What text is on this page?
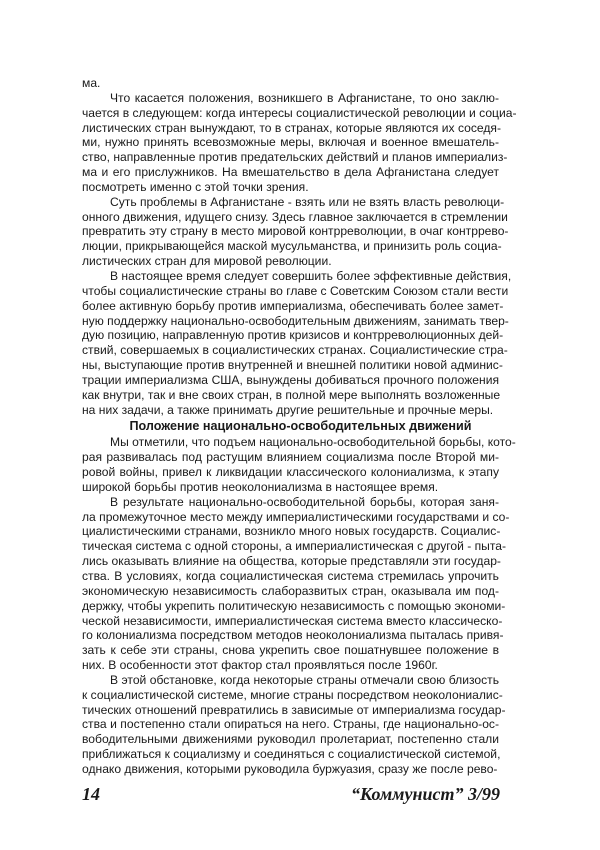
ма.
Что касается положения, возникшего в Афганистане, то оно заклю-
чается в следующем: когда интересы социалистической революции и социа-
листических стран вынуждают, то в странах, которые являются их соседя-
ми, нужно принять всевозможные меры, включая и военное вмешатель-
ство, направленные против предательских действий и планов империализ-
ма и его прислужников. На вмешательство в дела Афганистана следует
посмотреть именно с этой точки зрения.
Суть проблемы в Афганистане - взять или не взять власть революци-
онного движения, идущего снизу. Здесь главное заключается в стремлении
превратить эту страну в место мировой контрреволюции, в очаг контррево-
люции, прикрывающейся маской мусульманства, и принизить роль социа-
листических стран для мировой революции.
В настоящее время следует совершить более эффективные действия,
чтобы социалистические страны во главе с Советским Союзом стали вести
более активную борьбу против империализма, обеспечивать более замет-
ную поддержку национально-освободительным движениям, занимать твер-
дую позицию, направленную против кризисов и контрреволюционных дей-
ствий, совершаемых в социалистических странах. Социалистические стра-
ны, выступающие против внутренней и внешней политики новой админис-
трации империализма США, вынуждены добиваться прочного положения
как внутри, так и вне своих стран, в полной мере выполнять возложенные
на них задачи, а также принимать другие решительные и прочные меры.
Положение национально-освободительных движений
Мы отметили, что подъем национально-освободительной борьбы, кото-
рая развивалась под растущим влиянием социализма после Второй ми-
ровой войны, привел к ликвидации классического колониализма, к этапу
широкой борьбы против неоколониализма в настоящее время.
В результате национально-освободительной борьбы, которая заня-
ла промежуточное место между империалистическими государствами и со-
циалистическими странами, возникло много новых государств. Социалис-
тическая система с одной стороны, а империалистическая с другой - пыта-
лись оказывать влияние на общества, которые представляли эти государ-
ства. В условиях, когда социалистическая система стремилась упрочить
экономическую независимость слаборазвитых стран, оказывала им под-
держку, чтобы укрепить политическую независимость с помощью экономи-
ческой независимости, империалистическая система вместо классическо-
го колониализма посредством методов неоколониализма пыталась привя-
зать к себе эти страны, снова укрепить свое пошатнувшее положение в
них. В особенности этот фактор стал проявляться после 1960г.
В этой обстановке, когда некоторые страны отмечали свою близость
к социалистической системе, многие страны посредством неоколониалис-
тических отношений превратились в зависимые от империализма государ-
ства и постепенно стали опираться на него. Страны, где национально-ос-
вободительными движениями руководил пролетариат, постепенно стали
приближаться к социализму и соединяться с социалистической системой,
однако движения, которыми руководила буржуазия, сразу же после рево-
14	“Коммунист” 3/99
